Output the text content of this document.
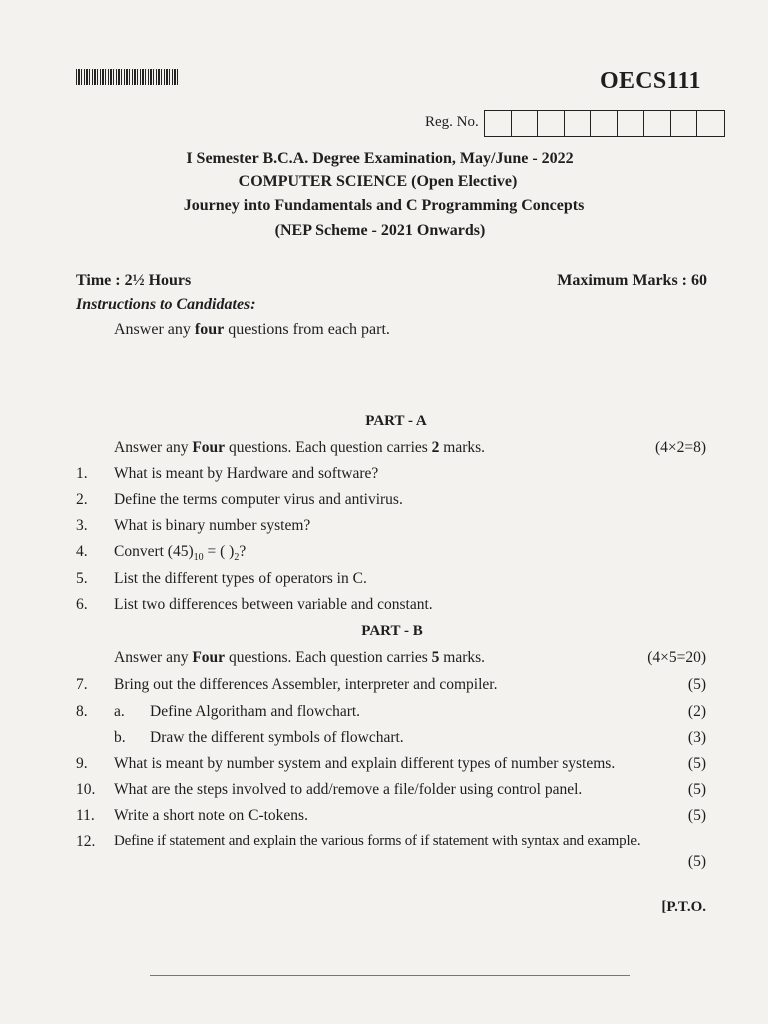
OECS111
Reg. No.
I Semester B.C.A. Degree Examination, May/June - 2022
COMPUTER SCIENCE (Open Elective)
Journey into Fundamentals and C Programming Concepts
(NEP Scheme - 2021 Onwards)
Time : 2½ Hours	Maximum Marks : 60
Instructions to Candidates:
Answer any four questions from each part.
PART - A
Answer any Four questions. Each question carries 2 marks.	(4×2=8)
1. What is meant by Hardware and software?
2. Define the terms computer virus and antivirus.
3. What is binary number system?
4. Convert $(45)_{10}$ = ( )$_2$?
5. List the different types of operators in C.
6. List two differences between variable and constant.
PART - B
Answer any Four questions. Each question carries 5 marks.	(4×5=20)
7. Bring out the differences Assembler, interpreter and compiler.	(5)
8. a. Define Algoritham and flowchart.	(2)
b. Draw the different symbols of flowchart.	(3)
9. What is meant by number system and explain different types of number systems.	(5)
10. What are the steps involved to add/remove a file/folder using control panel.	(5)
11. Write a short note on C-tokens.	(5)
12. Define if statement and explain the various forms of if statement with syntax and example.
(5)
[P.T.O.
